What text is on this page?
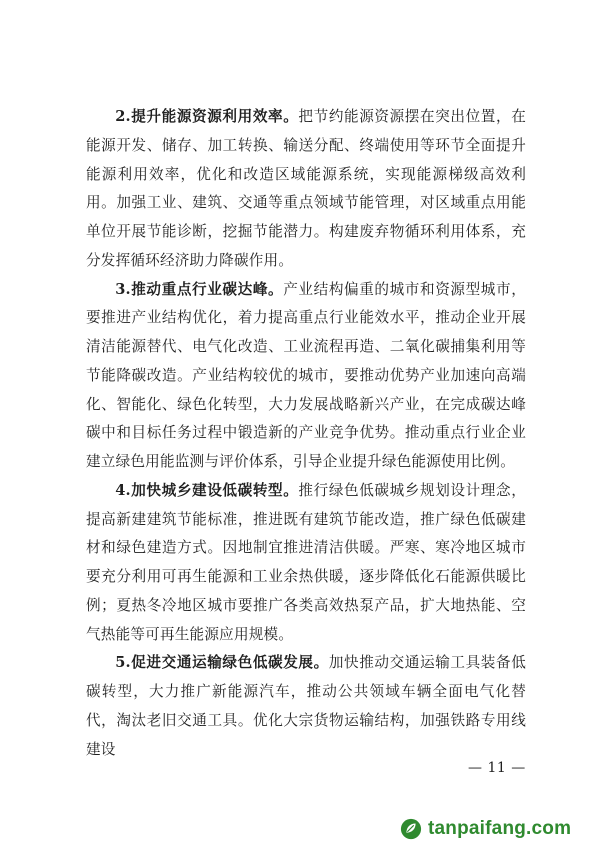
2.提升能源资源利用效率。把节约能源资源摆在突出位置，在能源开发、储存、加工转换、输送分配、终端使用等环节全面提升能源利用效率，优化和改造区域能源系统，实现能源梯级高效利用。加强工业、建筑、交通等重点领域节能管理，对区域重点用能单位开展节能诊断，挖掘节能潜力。构建废弃物循环利用体系，充分发挥循环经济助力降碳作用。

3.推动重点行业碳达峰。产业结构偏重的城市和资源型城市，要推进产业结构优化，着力提高重点行业能效水平，推动企业开展清洁能源替代、电气化改造、工业流程再造、二氧化碳捕集利用等节能降碳改造。产业结构较优的城市，要推动优势产业加速向高端化、智能化、绿色化转型，大力发展战略新兴产业，在完成碳达峰碳中和目标任务过程中锻造新的产业竞争优势。推动重点行业企业建立绿色用能监测与评价体系，引导企业提升绿色能源使用比例。

4.加快城乡建设低碳转型。推行绿色低碳城乡规划设计理念，提高新建建筑节能标准，推进既有建筑节能改造，推广绿色低碳建材和绿色建造方式。因地制宜推进清洁供暖。严寒、寒冷地区城市要充分利用可再生能源和工业余热供暖，逐步降低化石能源供暖比例；夏热冬冷地区城市要推广各类高效热泵产品，扩大地热能、空气热能等可再生能源应用规模。

5.促进交通运输绿色低碳发展。加快推动交通运输工具装备低碳转型，大力推广新能源汽车，推动公共领域车辆全面电气化替代，淘汰老旧交通工具。优化大宗货物运输结构，加强铁路专用线建设

— 11 —
tanpaifang.com
